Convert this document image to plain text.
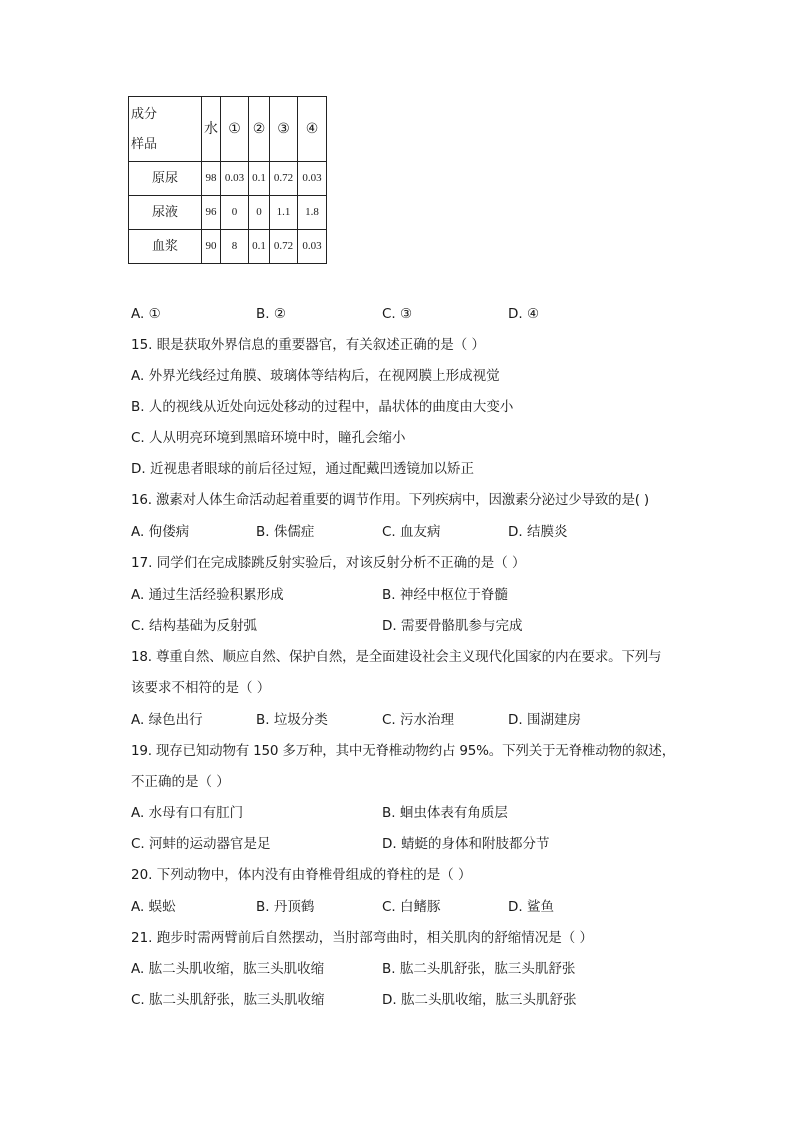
成分
样品	水	①	②	③	④
原尿	98	0.03	0.1	0.72	0.03
尿液	96	0	0	1.1	1.8
血浆	90	8	0.1	0.72	0.03
A. ①	B. ②	C. ③	D. ④
15. 眼是获取外界信息的重要器官，有关叙述正确的是（ ）
A. 外界光线经过角膜、玻璃体等结构后，在视网膜上形成视觉
B. 人的视线从近处向远处移动的过程中，晶状体的曲度由大变小
C. 人从明亮环境到黑暗环境中时，瞳孔会缩小
D. 近视患者眼球的前后径过短，通过配戴凹透镜加以矫正
16. 激素对人体生命活动起着重要的调节作用。下列疾病中，因激素分泌过少导致的是( )
A. 佝偻病	B. 侏儒症	C. 血友病	D. 结膜炎
17. 同学们在完成膝跳反射实验后，对该反射分析不正确的是（ ）
A. 通过生活经验积累形成	B. 神经中枢位于脊髓
C. 结构基础为反射弧	D. 需要骨骼肌参与完成
18. 尊重自然、顺应自然、保护自然，是全面建设社会主义现代化国家的内在要求。下列与
该要求不相符的是（ ）
A. 绿色出行	B. 垃圾分类	C. 污水治理	D. 围湖建房
19. 现存已知动物有 150 多万种，其中无脊椎动物约占 95%。下列关于无脊椎动物的叙述，
不正确的是（ ）
A. 水母有口有肛门	B. 蛔虫体表有角质层
C. 河蚌的运动器官是足	D. 蜻蜓的身体和附肢都分节
20. 下列动物中，体内没有由脊椎骨组成的脊柱的是（ ）
A. 蜈蚣	B. 丹顶鹤	C. 白鳍豚	D. 鲨鱼
21. 跑步时需两臂前后自然摆动，当肘部弯曲时，相关肌肉的舒缩情况是（ ）
A. 肱二头肌收缩，肱三头肌收缩	B. 肱二头肌舒张，肱三头肌舒张
C. 肱二头肌舒张，肱三头肌收缩	D. 肱二头肌收缩，肱三头肌舒张
